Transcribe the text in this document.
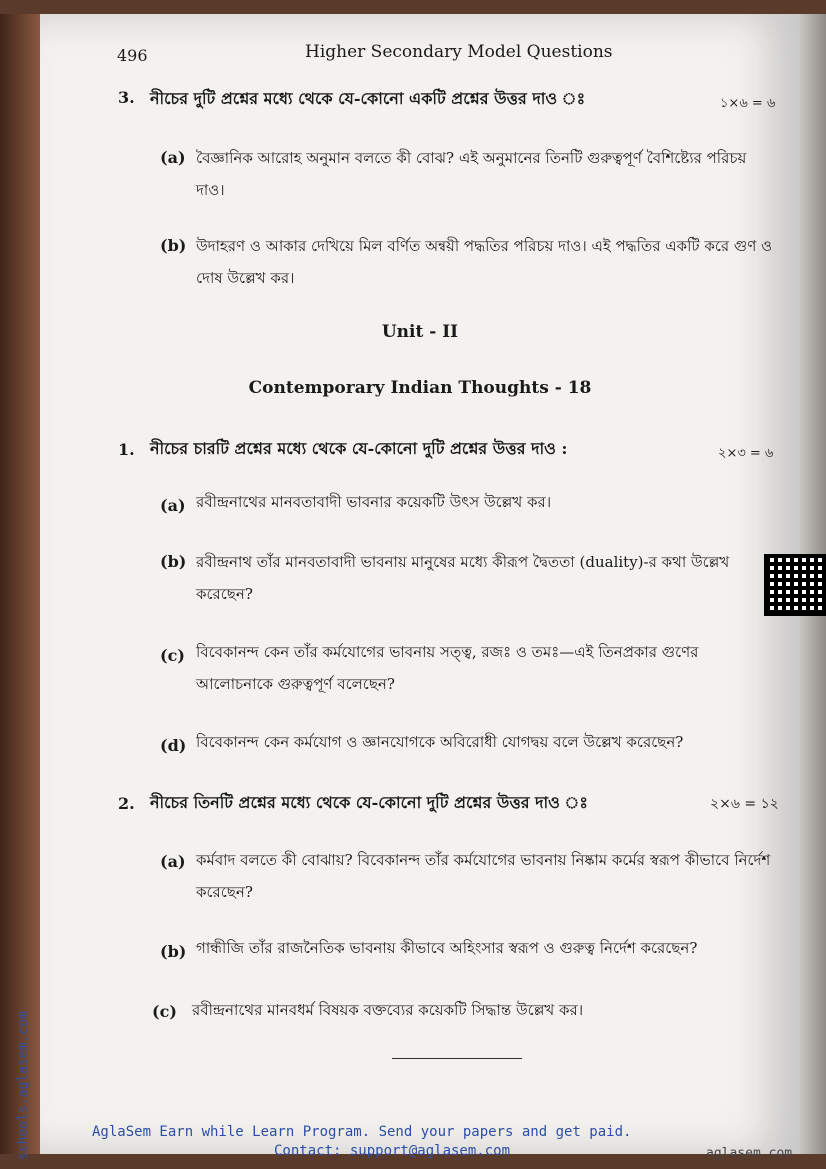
496	Higher Secondary Model Questions
3. নীচের দুটি প্রশ্নের মধ্যে থেকে যে-কোনো একটি প্রশ্নের উত্তর দাও ঃ	১×৬ = ৬
(a) বৈজ্ঞানিক আরোহ অনুমান বলতে কী বোঝ? এই অনুমানের তিনটি গুরুত্বপূর্ণ বৈশিষ্ট্যের পরিচয় দাও।
(b) উদাহরণ ও আকার দেখিয়ে মিল বর্ণিত অন্বয়ী পদ্ধতির পরিচয় দাও। এই পদ্ধতির একটি করে গুণ ও দোষ উল্লেখ কর।
Unit - II
Contemporary Indian Thoughts - 18
1. নীচের চারটি প্রশ্নের মধ্যে থেকে যে-কোনো দুটি প্রশ্নের উত্তর দাও :	২×৩ = ৬
(a) রবীন্দ্রনাথের মানবতাবাদী ভাবনার কয়েকটি উৎস উল্লেখ কর।
(b) রবীন্দ্রনাথ তাঁর মানবতাবাদী ভাবনায় মানুষের মধ্যে কীরূপ দ্বৈততা (duality)-র কথা উল্লেখ করেছেন?
(c) বিবেকানন্দ কেন তাঁর কর্মযোগের ভাবনায় সত্ত্ব, রজঃ ও তমঃ—এই তিনপ্রকার গুণের আলোচনাকে গুরুত্বপূর্ণ বলেছেন?
(d) বিবেকানন্দ কেন কর্মযোগ ও জ্ঞানযোগকে অবিরোধী যোগদ্বয় বলে উল্লেখ করেছেন?
2. নীচের তিনটি প্রশ্নের মধ্যে থেকে যে-কোনো দুটি প্রশ্নের উত্তর দাও ঃ	২×৬ = ১২
(a) কর্মবাদ বলতে কী বোঝায়? বিবেকানন্দ তাঁর কর্মযোগের ভাবনায় নিষ্কাম কর্মের স্বরূপ কীভাবে নির্দেশ করেছেন?
(b) গান্ধীজি তাঁর রাজনৈতিক ভাবনায় কীভাবে অহিংসার স্বরূপ ও গুরুত্ব নির্দেশ করেছেন?
(c) রবীন্দ্রনাথের মানবধর্ম বিষয়ক বক্তব্যের কয়েকটি সিদ্ধান্ত উল্লেখ কর।
AglaSem Earn while Learn Program. Send your papers and get paid.
Contact: support@aglasem.com	aglasem.com
schools.aglasem.com
